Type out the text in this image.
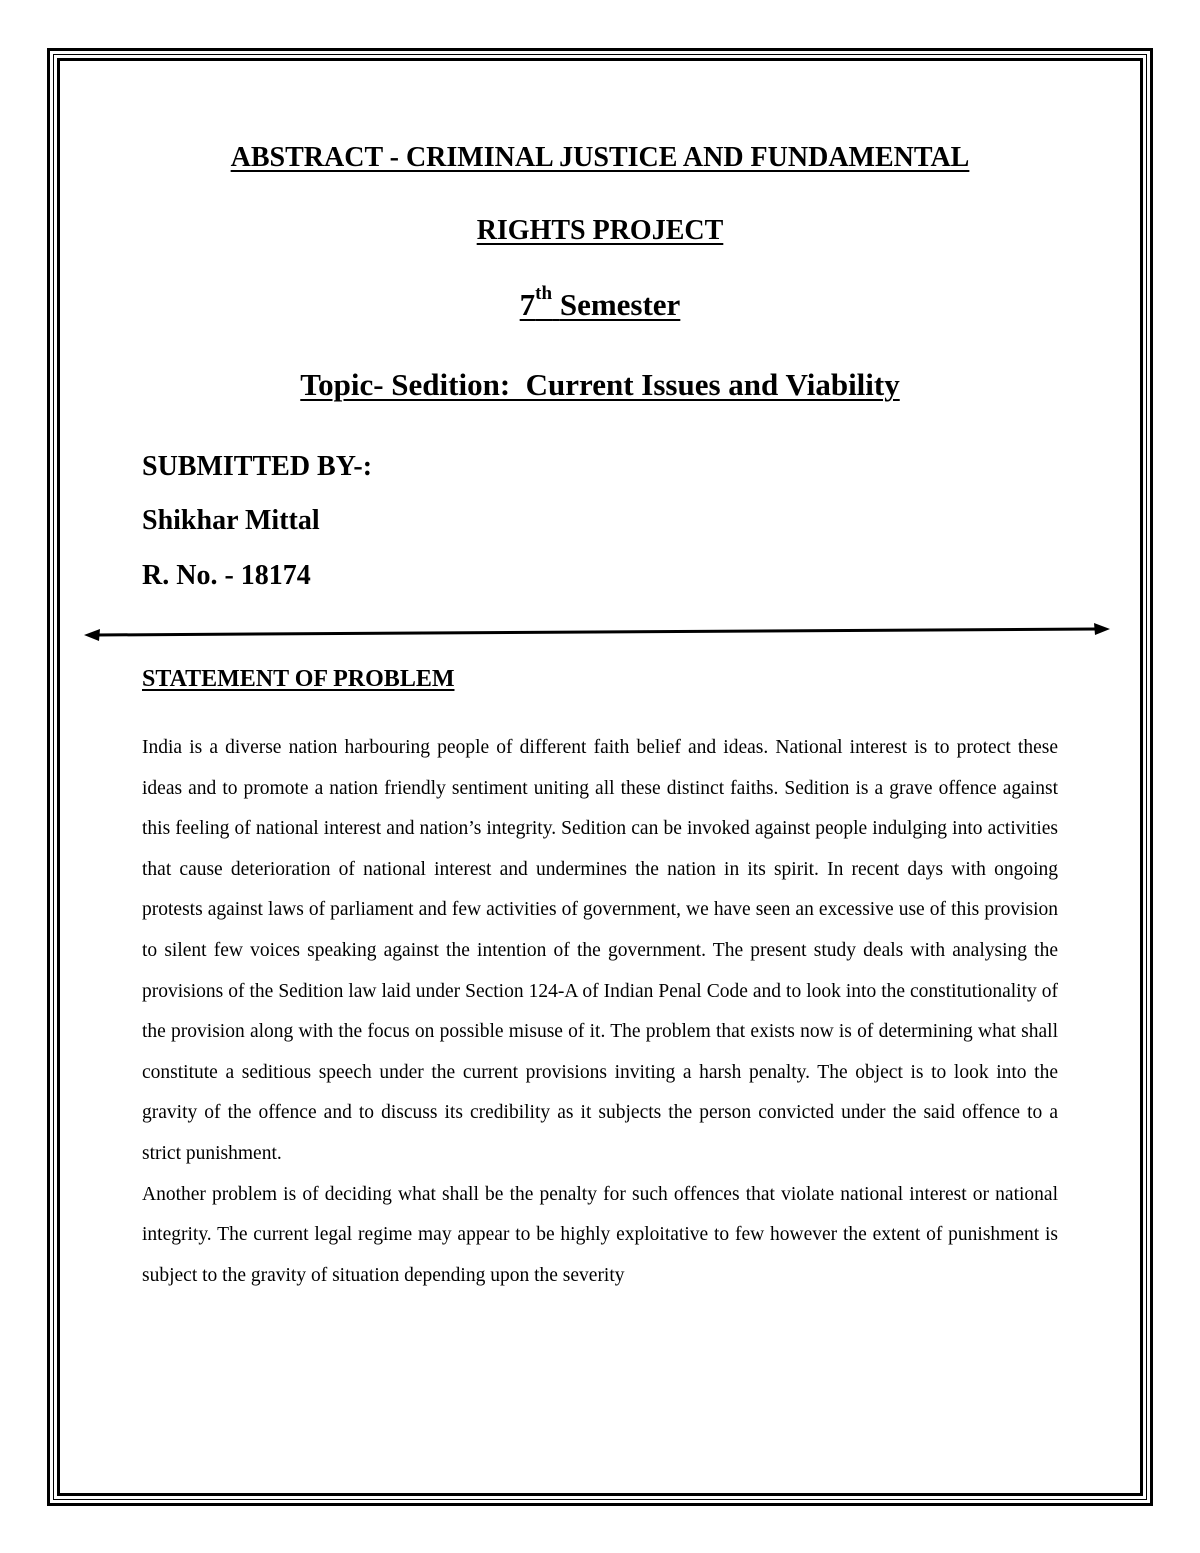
ABSTRACT - CRIMINAL JUSTICE AND FUNDAMENTAL
RIGHTS PROJECT
7th Semester
Topic- Sedition:  Current Issues and Viability
SUBMITTED BY-:
Shikhar Mittal
R. No. - 18174
STATEMENT OF PROBLEM

India is a diverse nation harbouring people of different faith belief and ideas. National interest is to protect these ideas and to promote a nation friendly sentiment uniting all these distinct faiths. Sedition is a grave offence against this feeling of national interest and nation’s integrity. Sedition can be invoked against people indulging into activities that cause deterioration of national interest and undermines the nation in its spirit. In recent days with ongoing protests against laws of parliament and few activities of government, we have seen an excessive use of this provision to silent few voices speaking against the intention of the government. The present study deals with analysing the provisions of the Sedition law laid under Section 124-A of Indian Penal Code and to look into the constitutionality of the provision along with the focus on possible misuse of it. The problem that exists now is of determining what shall constitute a seditious speech under the current provisions inviting a harsh penalty. The object is to look into the gravity of the offence and to discuss its credibility as it subjects the person convicted under the said offence to a strict punishment.

Another problem is of deciding what shall be the penalty for such offences that violate national interest or national integrity. The current legal regime may appear to be highly exploitative to few however the extent of punishment is subject to the gravity of situation depending upon the severity
